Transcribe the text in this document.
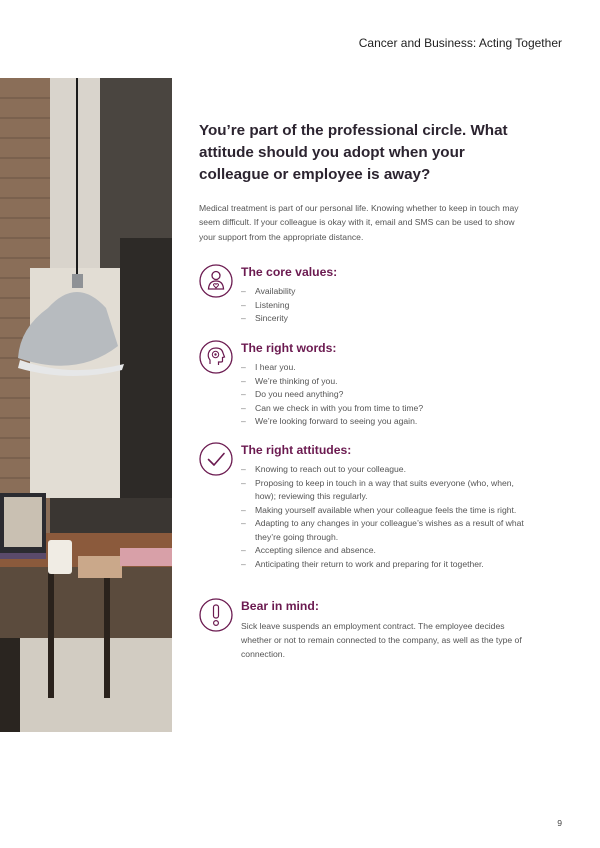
Cancer and Business: Acting Together
You’re part of the professional circle. What attitude should you adopt when your colleague or employee is away?

Medical treatment is part of our personal life. Knowing whether to keep in touch may seem difficult. If your colleague is okay with it, email and SMS can be used to show your support from the appropriate distance.

The core values:
– Availability
– Listening
– Sincerity
The right words:
– I hear you.
– We’re thinking of you.
– Do you need anything?
– Can we check in with you from time to time?
– We’re looking forward to seeing you again.
The right attitudes:
– Knowing to reach out to your colleague.
– Proposing to keep in touch in a way that suits everyone (who, when, how); reviewing this regularly.
– Making yourself available when your colleague feels the time is right.
– Adapting to any changes in your colleague’s wishes as a result of what they’re going through.
– Accepting silence and absence.
– Anticipating their return to work and preparing for it together.
Bear in mind:

Sick leave suspends an employment contract. The employee decides whether or not to remain connected to the company, as well as the type of connection.

9
